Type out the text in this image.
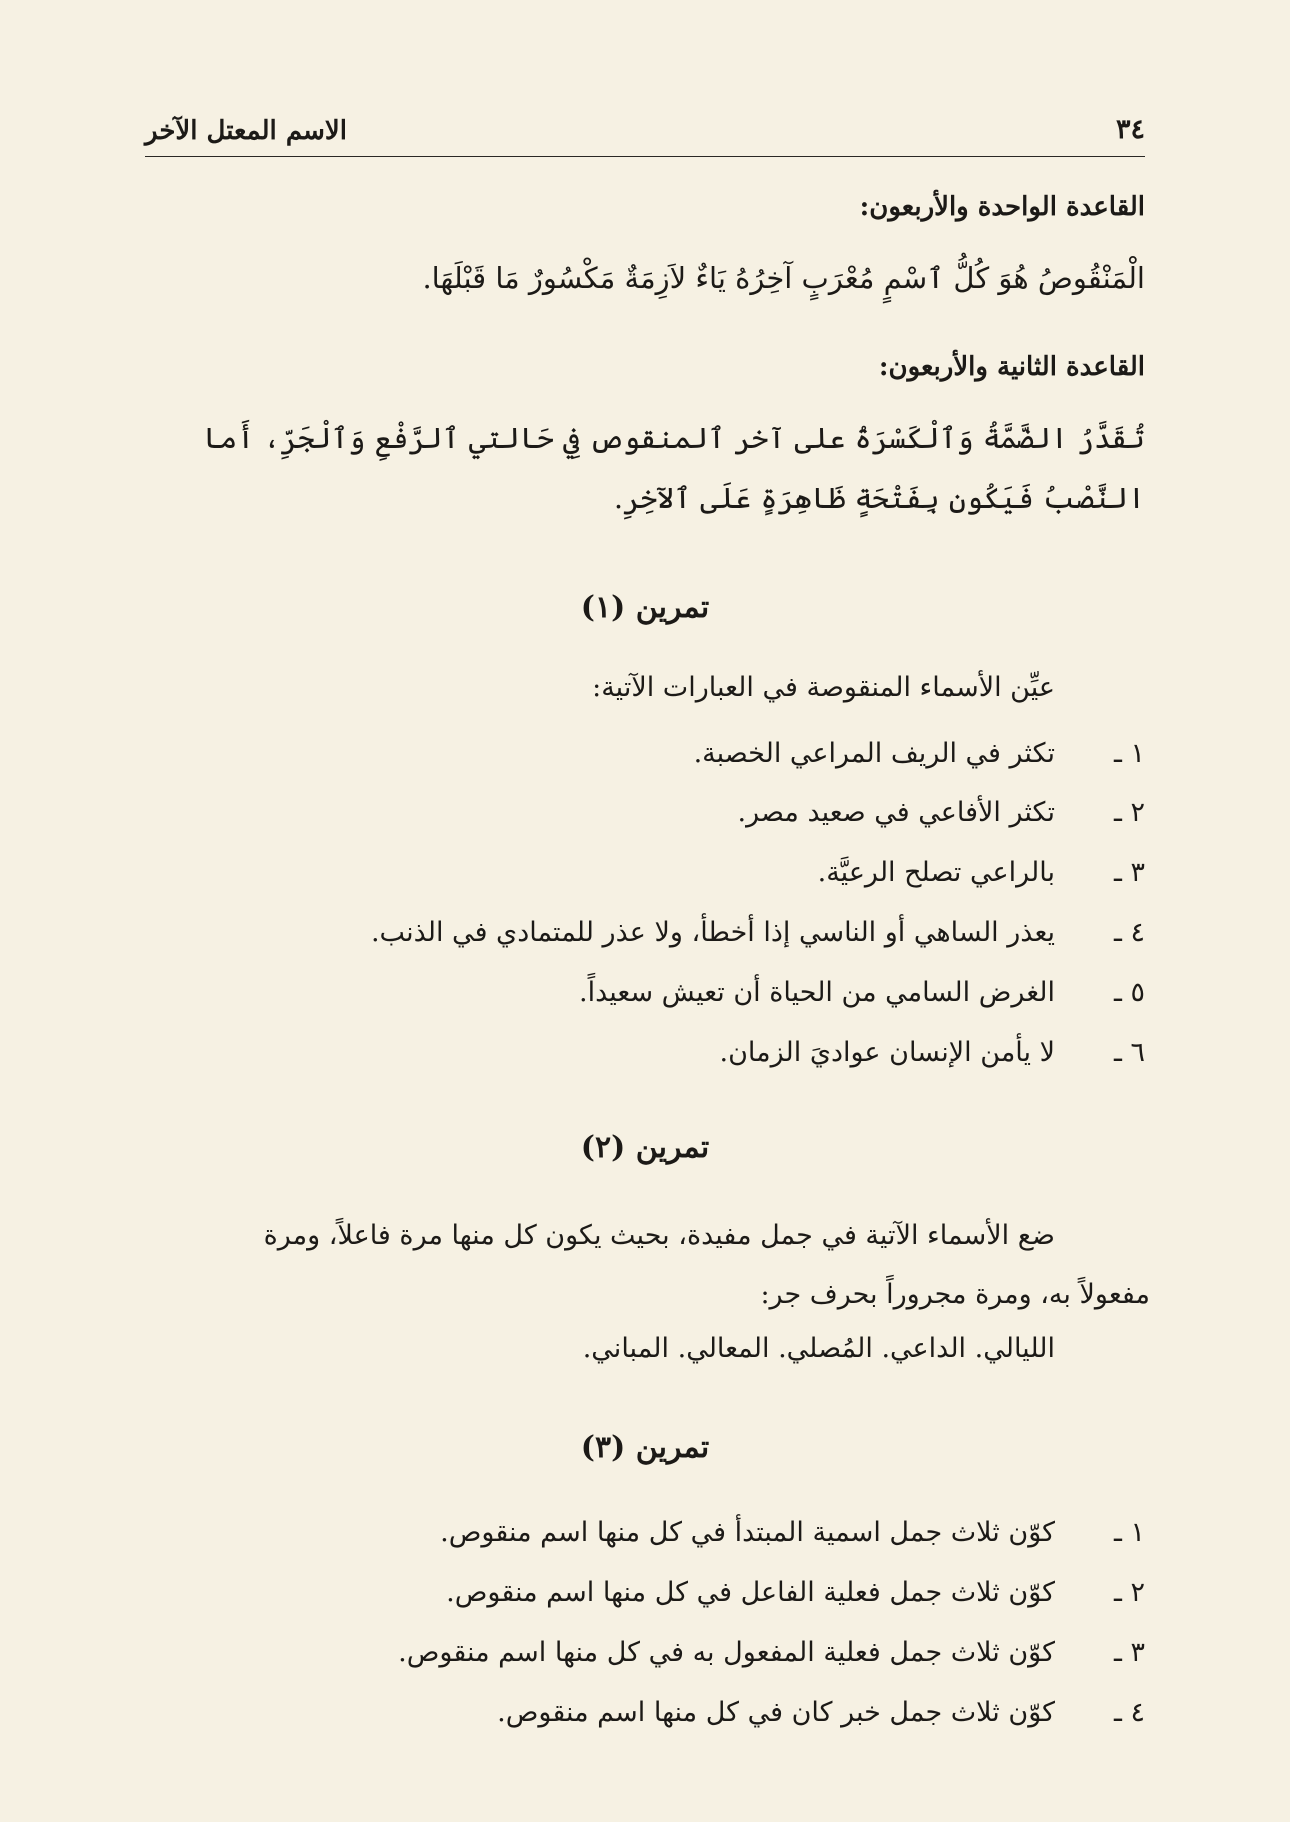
الاسم المعتل الآخر	٣٤
القاعدة الواحدة والأربعون:
الْمَنْقُوصُ هُوَ كُلُّ ٱسْمٍ مُعْرَبٍ آخِرُهُ يَاءٌ لاَزِمَةٌ مَكْسُورٌ مَا قَبْلَهَا.
القاعدة الثانية والأربعون:
تُقَدَّرُ الضَّمَّةُ وَٱلْكَسْرَةُ على آخر ٱلمنقوص فِي حَالتي ٱلرَّفْعِ وَٱلْجَرِّ، أَما النَّصْبُ فَيَكُون بِفَتْحَةٍ ظَاهِرَةٍ عَلَى ٱلآخِرِ.
تمرين (١)
عيِّن الأسماء المنقوصة في العبارات الآتية:
١ ـتكثر في الريف المراعي الخصبة.
٢ ـتكثر الأفاعي في صعيد مصر.
٣ ـبالراعي تصلح الرعيَّة.
٤ ـيعذر الساهي أو الناسي إذا أخطأ، ولا عذر للمتمادي في الذنب.
٥ ـالغرض السامي من الحياة أن تعيش سعيداً.
٦ ـلا يأمن الإنسان عواديَ الزمان.
تمرين (٢)
ضع الأسماء الآتية في جمل مفيدة، بحيث يكون كل منها مرة فاعلاً، ومرة
مفعولاً به، ومرة مجروراً بحرف جر:
الليالي. الداعي. المُصلي. المعالي. المباني.
تمرين (٣)
١ ـكوّن ثلاث جمل اسمية المبتدأ في كل منها اسم منقوص.
٢ ـكوّن ثلاث جمل فعلية الفاعل في كل منها اسم منقوص.
٣ ـكوّن ثلاث جمل فعلية المفعول به في كل منها اسم منقوص.
٤ ـكوّن ثلاث جمل خبر كان في كل منها اسم منقوص.
